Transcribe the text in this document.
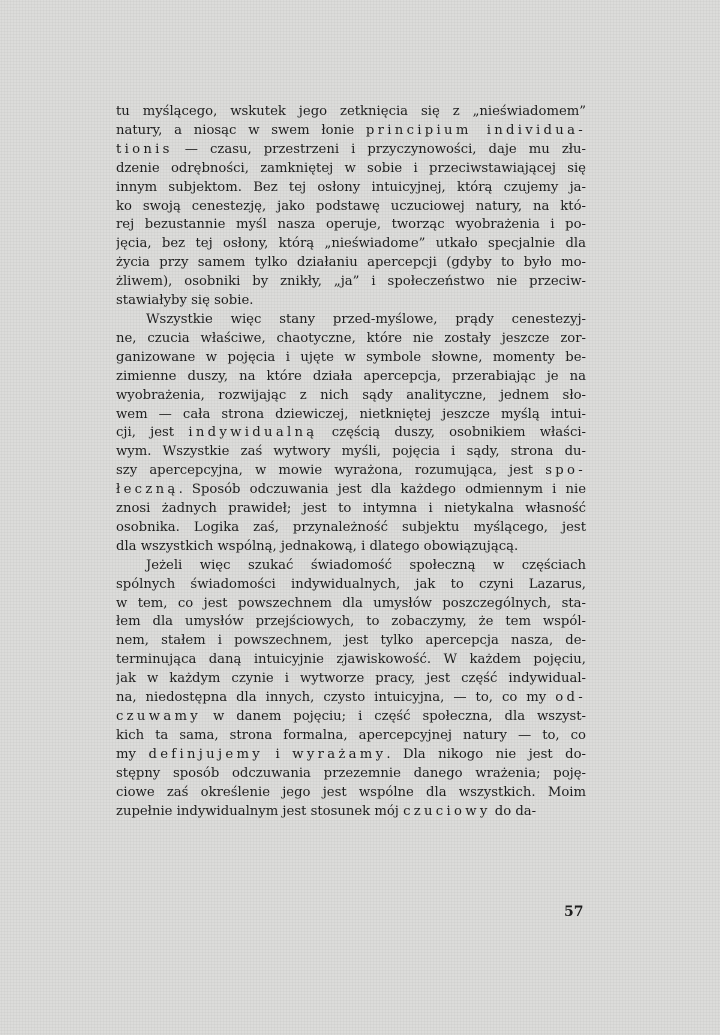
tu myślącego, wskutek jego zetknięcia się z „nieświadomem”
natury, a niosąc w swem łonie principium individua-
tionis — czasu, przestrzeni i przyczynowości, daje mu złu-
dzenie odrębności, zamkniętej w sobie i przeciwstawiającej się
innym subjektom. Bez tej osłony intuicyjnej, którą czujemy ja-
ko swoją cenestezję, jako podstawę uczuciowej natury, na któ-
rej bezustannie myśl nasza operuje, tworząc wyobrażenia i po-
jęcia, bez tej osłony, którą „nieświadome” utkało specjalnie dla
życia przy samem tylko działaniu apercepcji (gdyby to było mo-
żliwem), osobniki by znikły, „ja” i społeczeństwo nie przeciw-
stawiałyby się sobie.
Wszystkie więc stany przed-myślowe, prądy cenestezyj-
ne, czucia właściwe, chaotyczne, które nie zostały jeszcze zor-
ganizowane w pojęcia i ujęte w symbole słowne, momenty be-
zimienne duszy, na które działa apercepcja, przerabiając je na
wyobrażenia, rozwijając z nich sądy analityczne, jednem sło-
wem — cała strona dziewiczej, nietkniętej jeszcze myślą intui-
cji, jest indywidualną częścią duszy, osobnikiem właści-
wym. Wszystkie zaś wytwory myśli, pojęcia i sądy, strona du-
szy apercepcyjna, w mowie wyrażona, rozumująca, jest spo-
łeczną. Sposób odczuwania jest dla każdego odmiennym i nie
znosi żadnych prawideł; jest to intymna i nietykalna własność
osobnika. Logika zaś, przynależność subjektu myślącego, jest
dla wszystkich wspólną, jednakową, i dlatego obowiązującą.
Jeżeli więc szukać świadomość społeczną w częściach
spólnych świadomości indywidualnych, jak to czyni Lazarus,
w tem, co jest powszechnem dla umysłów poszczególnych, sta-
łem dla umysłów przejściowych, to zobaczymy, że tem wspól-
nem, stałem i powszechnem, jest tylko apercepcja nasza, de-
terminująca daną intuicyjnie zjawiskowość. W każdem pojęciu,
jak w każdym czynie i wytworze pracy, jest część indywidual-
na, niedostępna dla innych, czysto intuicyjna, — to, co my od-
czuwamy w danem pojęciu; i część społeczna, dla wszyst-
kich ta sama, strona formalna, apercepcyjnej natury — to, co
my definjujemy i wyrażamy. Dla nikogo nie jest do-
stępny sposób odczuwania przezemnie danego wrażenia; poję-
ciowe zaś określenie jego jest wspólne dla wszystkich. Moim
zupełnie indywidualnym jest stosunek mój czuciowy do da-
57
